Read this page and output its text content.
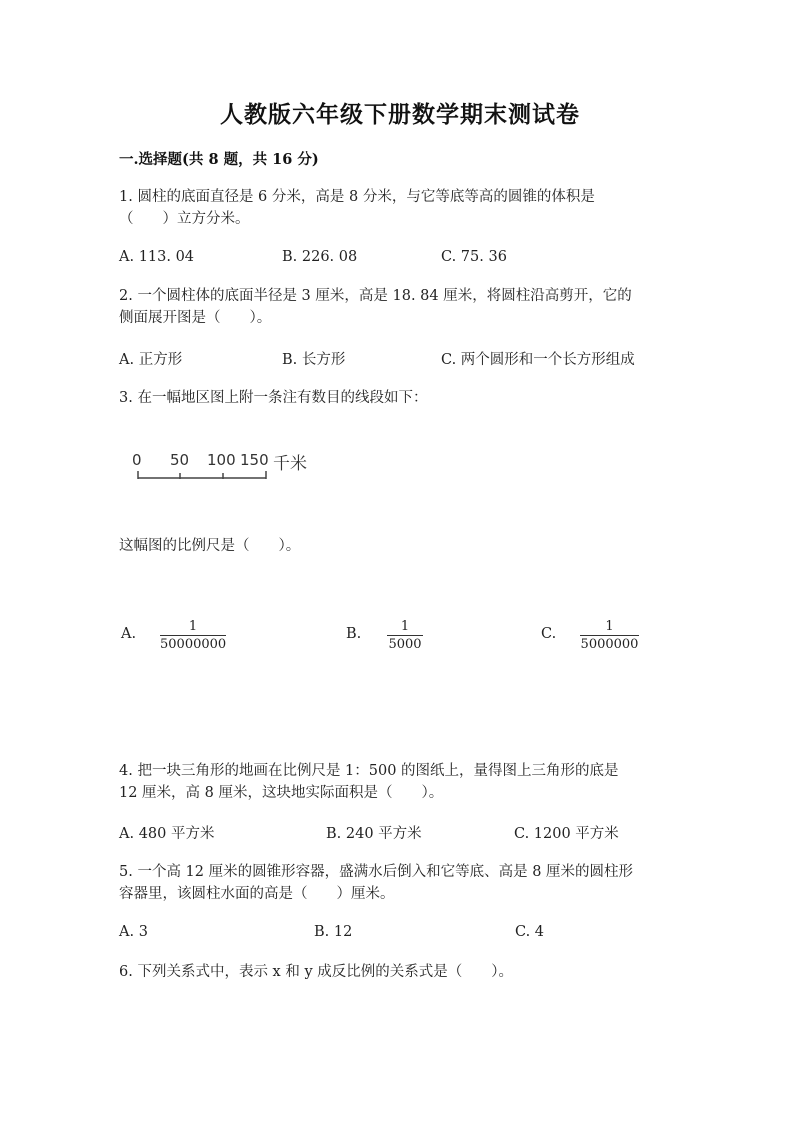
人教版六年级下册数学期末测试卷
一.选择题(共 8 题，共 16 分)
1. 圆柱的底面直径是 6 分米，高是 8 分米，与它等底等高的圆锥的体积是
（　　）立方分米。
A. 113. 04	B. 226. 08	C. 75. 36
2. 一个圆柱体的底面半径是 3 厘米，高是 18. 84 厘米，将圆柱沿高剪开，它的
侧面展开图是（　　）。
A. 正方形	B. 长方形	C. 两个圆形和一个长方形组成
3. 在一幅地区图上附一条注有数目的线段如下：
0 50 100 150 千米
这幅图的比例尺是（　　）。
A. $\frac{1}{50000000}$	B. $\frac{1}{5000}$	C. $\frac{1}{5000000}$
4. 把一块三角形的地画在比例尺是 1：500 的图纸上，量得图上三角形的底是
12 厘米，高 8 厘米，这块地实际面积是（　　）。
A. 480 平方米	B. 240 平方米	C. 1200 平方米
5. 一个高 12 厘米的圆锥形容器，盛满水后倒入和它等底、高是 8 厘米的圆柱形
容器里，该圆柱水面的高是（　　）厘米。
A. 3	B. 12	C. 4
6. 下列关系式中，表示 x 和 y 成反比例的关系式是（　　）。
